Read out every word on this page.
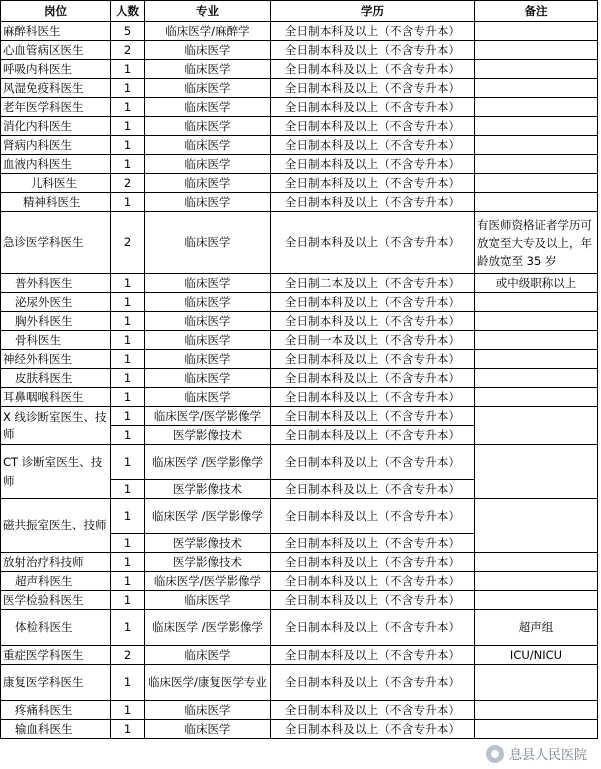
岗位	人数	专业	学历	备注
麻醉科医生	5	临床医学/麻醉学	全日制本科及以上（不含专升本）	
心血管病区医生	2	临床医学	全日制本科及以上（不含专升本）	
呼吸内科医生	1	临床医学	全日制本科及以上（不含专升本）	
风湿免疫科医生	1	临床医学	全日制本科及以上（不含专升本）	
老年医学科医生	1	临床医学	全日制本科及以上（不含专升本）	
消化内科医生	1	临床医学	全日制本科及以上（不含专升本）	
肾病内科医生	1	临床医学	全日制本科及以上（不含专升本）	
血液内科医生	1	临床医学	全日制本科及以上（不含专升本）	
儿科医生	2	临床医学	全日制本科及以上（不含专升本）	
精神科医生	1	临床医学	全日制本科及以上（不含专升本）	
急诊医学科医生	2	临床医学	全日制本科及以上（不含专升本）	有医师资格证者学历可放宽至大专及以上，年龄放宽至 35 岁
普外科医生	1	临床医学	全日制二本及以上（不含专升本）	或中级职称以上
泌尿外医生	1	临床医学	全日制本科及以上（不含专升本）	
胸外科医生	1	临床医学	全日制本科及以上（不含专升本）	
骨科医生	1	临床医学	全日制一本及以上（不含专升本）	
神经外科医生	1	临床医学	全日制本科及以上（不含专升本）	
皮肤科医生	1	临床医学	全日制本科及以上（不含专升本）	
耳鼻咽喉科医生	1	临床医学	全日制本科及以上（不含专升本）	
X 线诊断室医生、技师	1	临床医学/医学影像学	全日制本科及以上（不含专升本）	
	1	医学影像技术	全日制本科及以上（不含专升本）	
CT 诊断室医生、技师	1	临床医学 /医学影像学	全日制本科及以上（不含专升本）	
	1	医学影像技术	全日制本科及以上（不含专升本）	
磁共振室医生、技师	1	临床医学 /医学影像学	全日制本科及以上（不含专升本）	
	1	医学影像技术	全日制本科及以上（不含专升本）	
放射治疗科技师	1	医学影像技术	全日制本科及以上（不含专升本）	
超声科医生	1	临床医学/医学影像学	全日制本科及以上（不含专升本）	
医学检验科医生	1	临床医学	全日制本科及以上（不含专升本）	
体检科医生	1	临床医学 /医学影像学	全日制本科及以上（不含专升本）	超声组
重症医学科医生	2	临床医学	全日制本科及以上（不含专升本）	ICU/NICU
康复医学科医生	1	临床医学/康复医学专业	全日制本科及以上（不含专升本）	
疼痛科医生	1	临床医学	全日制本科及以上（不含专升本）	
输血科医生	1	临床医学	全日制本科及以上（不含专升本）	
息县人民医院
